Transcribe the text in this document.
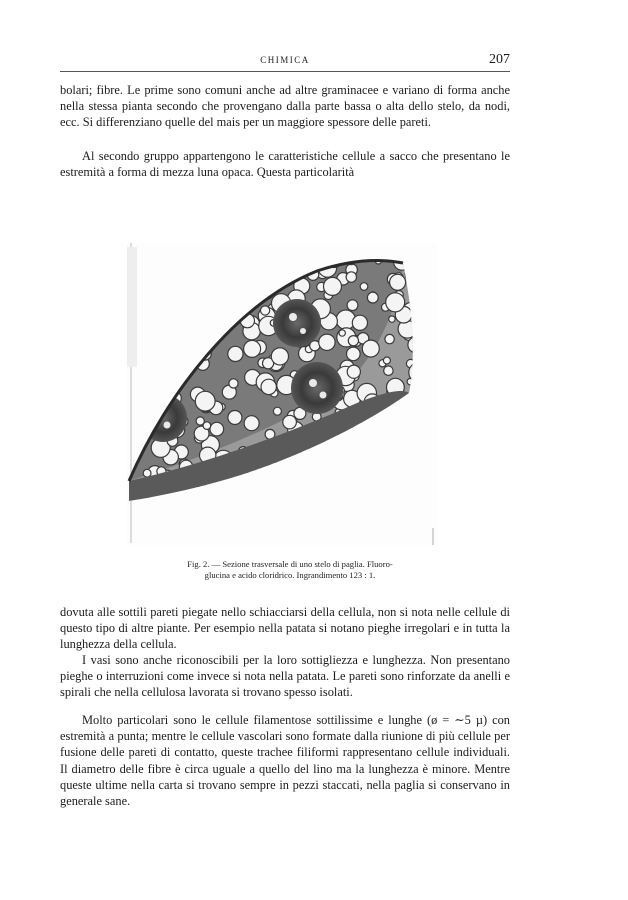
CHIMICA	207

bolari; fibre. Le prime sono comuni anche ad altre graminacee e variano di forma anche nella stessa pianta secondo che provengano dalla parte bassa o alta dello stelo, da nodi, ecc. Si differenziano quelle del mais per un maggiore spessore delle pareti.

Al secondo gruppo appartengono le caratteristiche cellule a sacco che presentano le estremità a forma di mezza luna opaca. Questa particolarità

Fig. 2. — Sezione trasversale di uno stelo di paglia. Fluoro-
glucina e acido cloridrico. Ingrandimento 123 : 1.

dovuta alle sottili pareti piegate nello schiacciarsi della cellula, non si nota nelle cellule di questo tipo di altre piante. Per esempio nella patata si notano pieghe irregolari e in tutta la lunghezza della cellula.

I vasi sono anche riconoscibili per la loro sottigliezza e lunghezza. Non presentano pieghe o interruzioni come invece si nota nella patata. Le pareti sono rinforzate da anelli e spirali che nella cellulosa lavorata si trovano spesso isolati.

Molto particolari sono le cellule filamentose sottilissime e lunghe (ø = ∼5 µ) con estremità a punta; mentre le cellule vascolari sono formate dalla riunione di più cellule per fusione delle pareti di contatto, queste trachee filiformi rappresentano cellule individuali. Il diametro delle fibre è circa uguale a quello del lino ma la lunghezza è minore. Mentre queste ultime nella carta si trovano sempre in pezzi staccati, nella paglia si conservano in generale sane.
